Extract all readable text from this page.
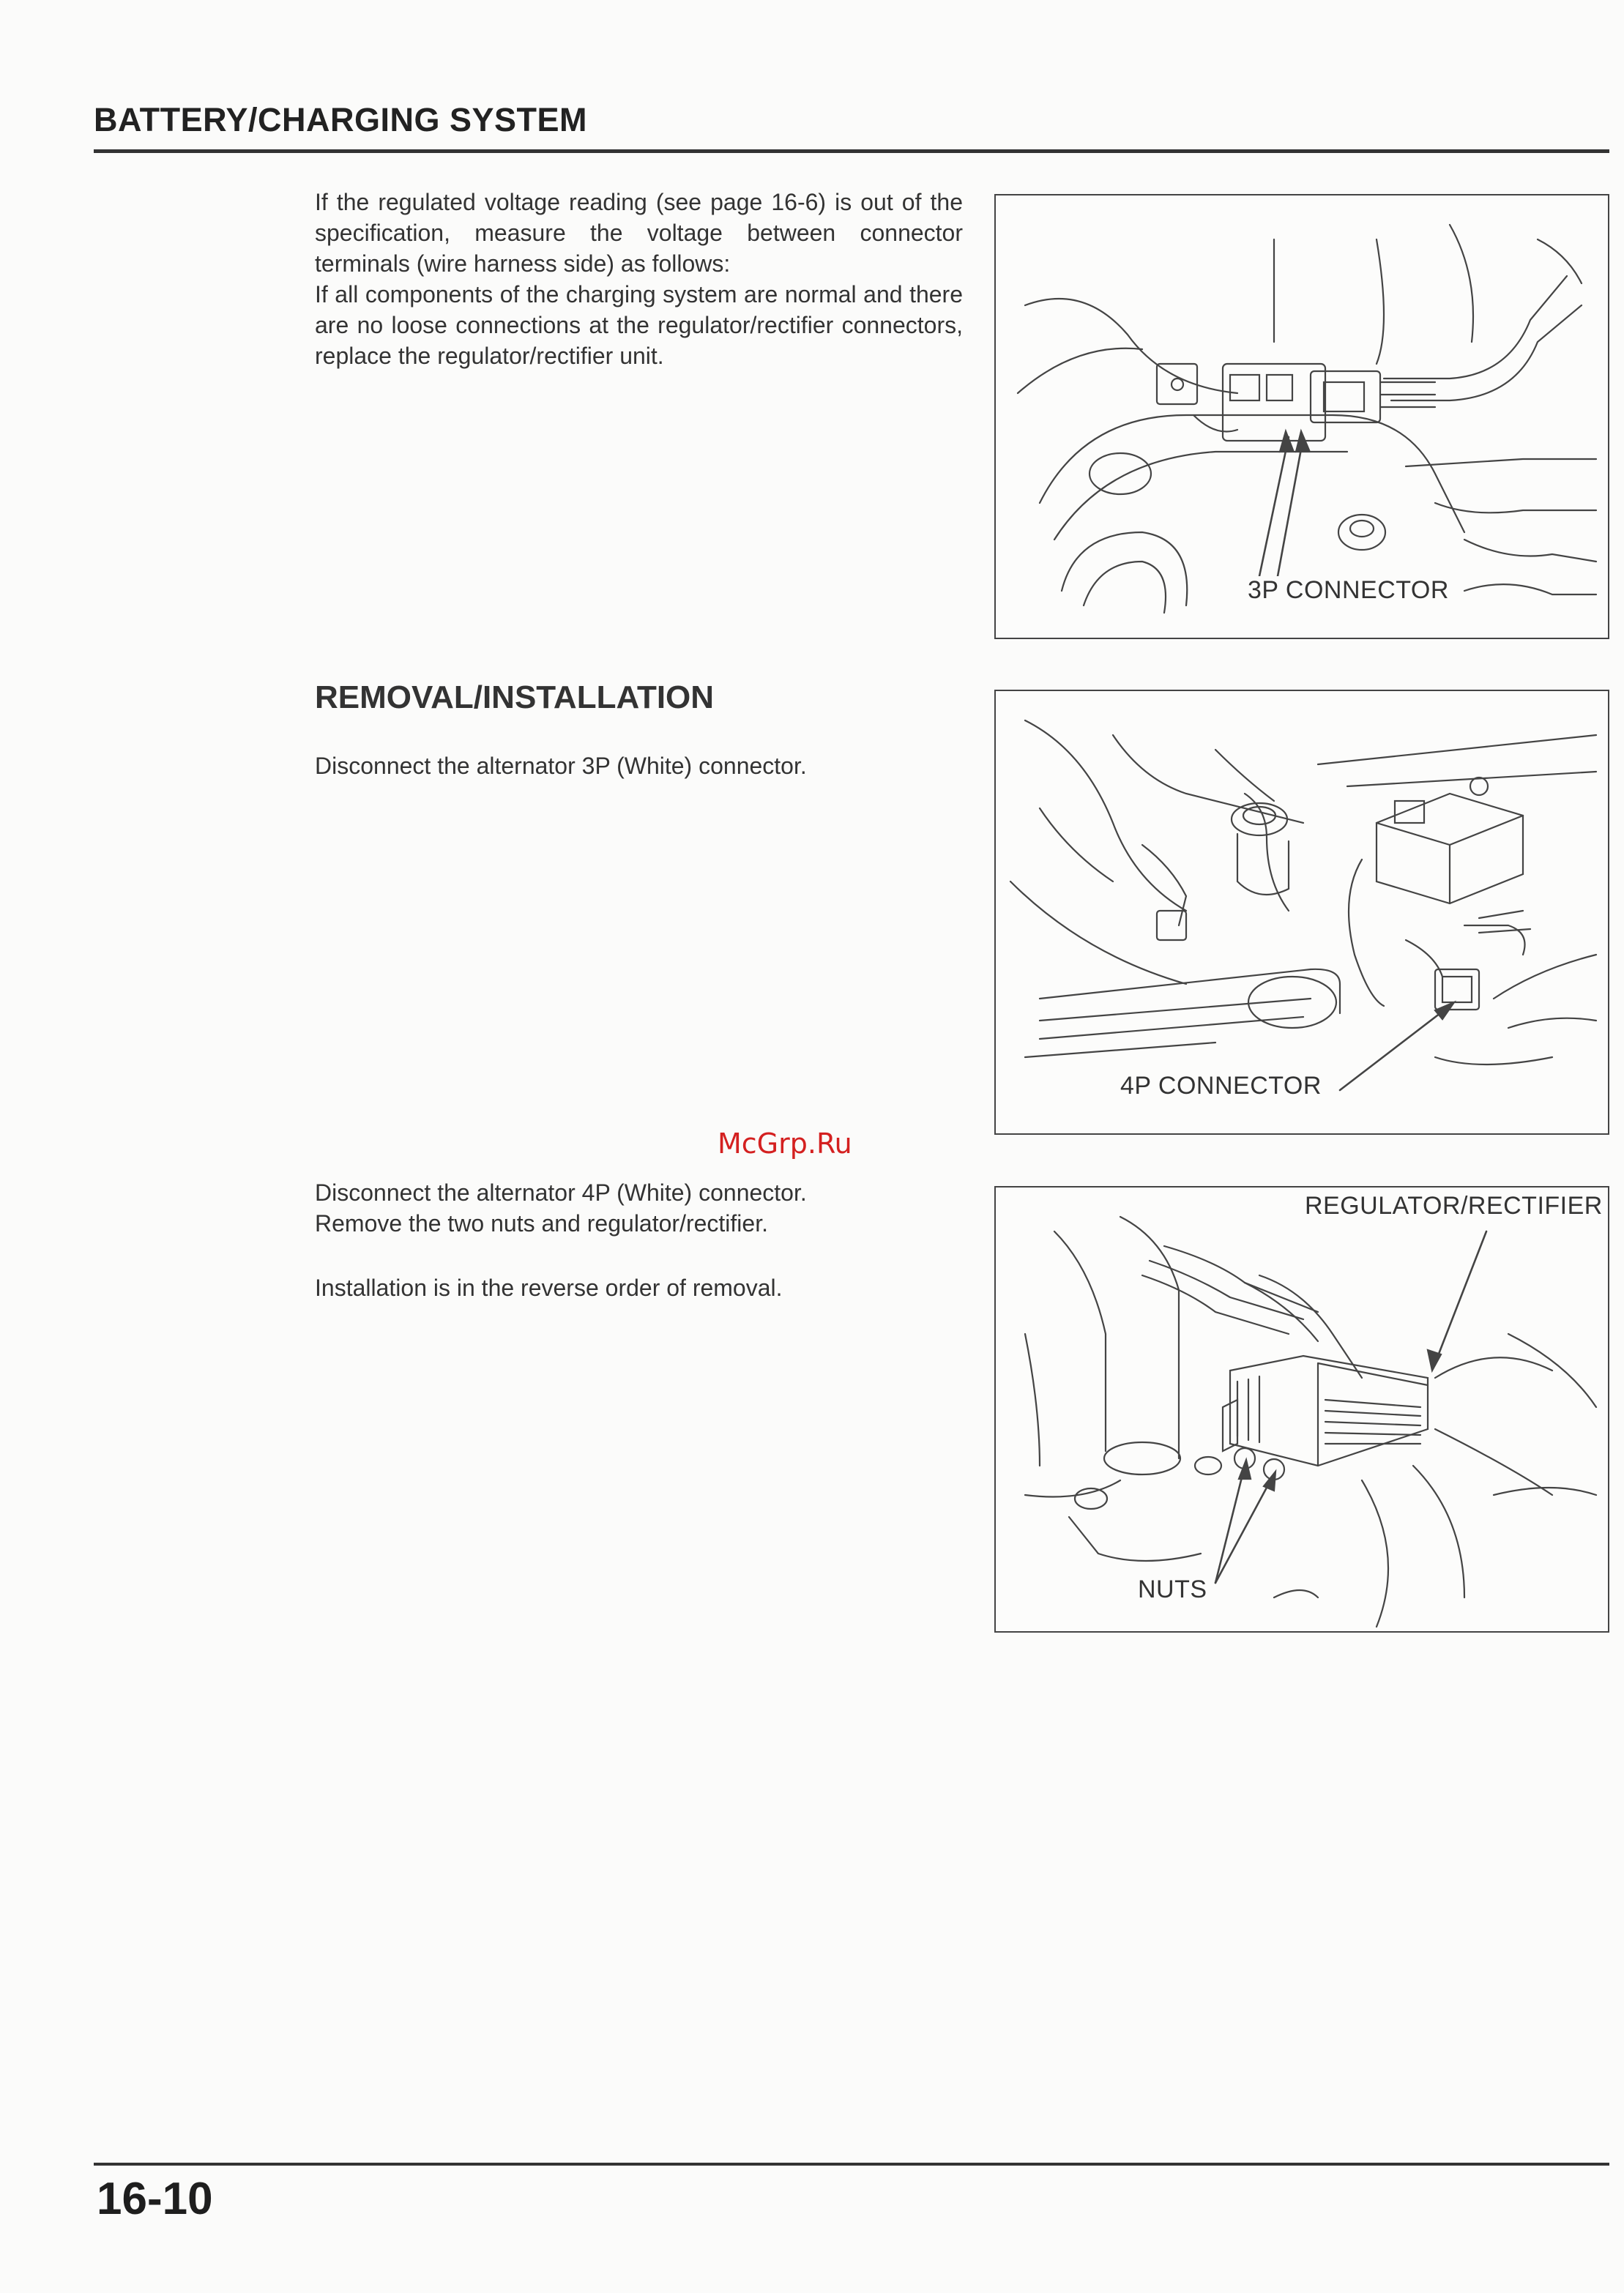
BATTERY/CHARGING SYSTEM

If the regulated voltage reading (see page 16-6) is out of the specification, measure the voltage between connector terminals (wire harness side) as follows:

If all components of the charging system are normal and there are no loose connections at the regulator/rectifier connectors, replace the regulator/rectifier unit.

REMOVAL/INSTALLATION

Disconnect the alternator 3P (White) connector.

McGrp.Ru

Disconnect the alternator 4P (White) connector.

Remove the two nuts and regulator/rectifier.

Installation is in the reverse order of removal.

3P CONNECTOR
4P CONNECTOR
REGULATOR/RECTIFIER
NUTS
16-10
